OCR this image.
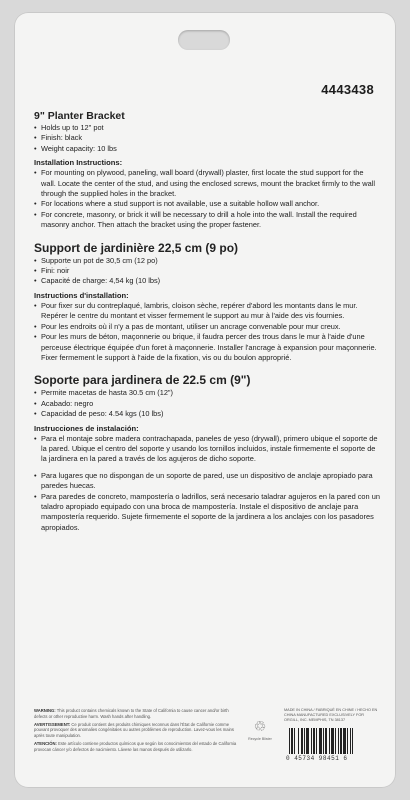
4443438
9" Planter Bracket
• Holds up to 12" pot
• Finish: black
• Weight capacity: 10 lbs
Installation Instructions:
• For mounting on plywood, paneling, wall board (drywall) plaster, first locate the stud support for the wall. Locate the center of the stud, and using the enclosed screws, mount the bracket firmly to the wall through the supplied holes in the bracket.
• For locations where a stud support is not available, use a suitable hollow wall anchor.
• For concrete, masonry, or brick it will be necessary to drill a hole into the wall. Install the required masonry anchor. Then attach the bracket using the proper fastener.
Support de jardinière 22,5 cm (9 po)
• Supporte un pot de 30,5 cm (12 po)
• Fini: noir
• Capacité de charge: 4,54 kg (10 lbs)
Instructions d'installation:
• Pour fixer sur du contreplaqué, lambris, cloison sèche, repérer d'abord les montants dans le mur. Repérer le centre du montant et visser fermement le support au mur à l'aide des vis fournies.
• Pour les endroits où il n'y a pas de montant, utiliser un ancrage convenable pour mur creux.
• Pour les murs de béton, maçonnerie ou brique, il faudra percer des trous dans le mur à l'aide d'une perceuse électrique équipée d'un foret à maçonnerie. Installer l'ancrage à expansion pour maçonnerie. Fixer fermement le support à l'aide de la fixation, vis ou du boulon approprié.
Soporte para jardinera de 22.5 cm (9")
• Permite macetas de hasta 30.5 cm (12")
• Acabado: negro
• Capacidad de peso: 4.54 kgs (10 lbs)
Instrucciones de instalación:
• Para el montaje sobre madera contrachapada, paneles de yeso (drywall), primero ubique el soporte de la pared. Ubique el centro del soporte y usando los tornillos incluidos, instale firmemente el soporte de la jardinera en la pared a través de los agujeros de dicho soporte.
• Para lugares que no dispongan de un soporte de pared, use un dispositivo de anclaje apropiado para paredes huecas.
• Para paredes de concreto, mampostería o ladrillos, será necesario taladrar agujeros en la pared con un taladro apropiado equipado con una broca de mampostería. Instale el dispositivo de anclaje para mampostería requerido. Sujete firmemente el soporte de la jardinera a los anclajes con los pasadores apropiados.

WARNING: This product contains chemicals known to the State of California to cause cancer and/or birth defects or other reproductive harm. Wash hands after handling.

AVERTISSEMENT: Ce produit contient des produits chimiques reconnus dans l'État de Californie comme pouvant provoquer des anomalies congénitales ou autres problèmes de reproduction. Lavez-vous les mains après toute manipulation.

ATENCIÓN: Este artículo contiene productos químicos que según los conocimientos del estado de California provocan cáncer y/o defectos de nacimiento. Lávese las manos después de utilizarlo.

♲
Recycle Blister
MADE IN CHINA / FABRIQUÉ EN CHINE / HECHO EN CHINA MANUFACTURED EXCLUSIVELY FOR ORGILL, INC. MEMPHIS, TN 38137
0 45734 98451 6
